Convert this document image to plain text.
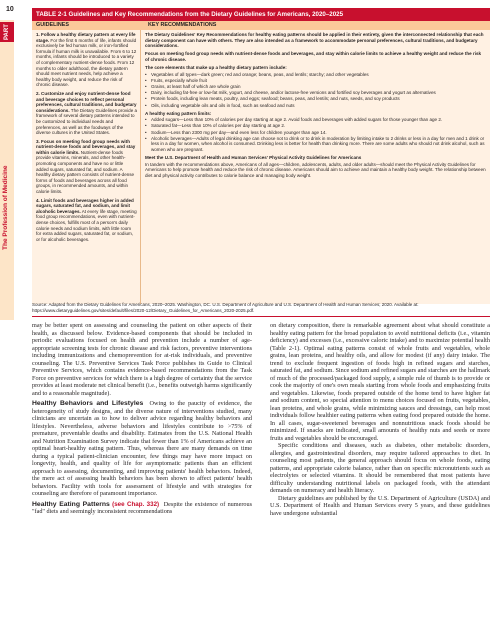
10
PART 1
The Profession of Medicine
TABLE 2-1 Guidelines and Key Recommendations from the Dietary Guidelines for Americans, 2020–2025
GUIDELINES	KEY RECOMMENDATIONS
1. Follow a healthy dietary pattern at every life stage. For the first 6 months of life, infants should exclusively be fed human milk, or iron-fortified formula if human milk is unavailable. From 6 to 12 months, infants should be introduced to a variety of complementary nutrient-dense foods. From 12 months to older adulthood, the dietary pattern should meet nutrient needs, help achieve a healthy body weight, and reduce the risk of chronic disease.
2. Customize and enjoy nutrient-dense food and beverage choices to reflect personal preferences, cultural traditions, and budgetary considerations. The Dietary Guidelines provide a framework of several dietary patterns intended to be customized to individual needs and preferences, as well as the foodways of the diverse cultures in the United States.
3. Focus on meeting food group needs with nutrient-dense foods and beverages, and stay within calorie limits. Nutrient-dense foods provide vitamins, minerals, and other health-promoting components and have no or little added sugars, saturated fat, and sodium. A healthy dietary pattern consists of nutrient-dense forms of foods and beverages across all food groups, in recommended amounts, and within calorie limits.
4. Limit foods and beverages higher in added sugars, saturated fat, and sodium, and limit alcoholic beverages. At every life stage, meeting food group recommendations, even with nutrient-dense choices, fulfills most of a person's daily calorie needs and sodium limits, with little room for extra added sugars, saturated fat, or sodium, or for alcoholic beverages.

The Dietary Guidelines' Key Recommendations for healthy eating patterns should be applied in their entirety, given the interconnected relationship that each dietary component can have with others. They are also intended as a framework to accommodate personal preferences, cultural traditions, and budgetary considerations.

Focus on meeting food group needs with nutrient-dense foods and beverages, and stay within calorie limits to achieve a healthy weight and reduce the risk of chronic disease.

The core elements that make up a healthy dietary pattern include:

• Vegetables of all types—dark green; red and orange; beans, peas, and lentils; starchy; and other vegetables
• Fruits, especially whole fruit
• Grains, at least half of which are whole grain
• Dairy, including fat-free or low-fat milk, yogurt, and cheese, and/or lactose-free versions and fortified soy beverages and yogurt as alternatives
• Protein foods, including lean meats, poultry, and eggs; seafood; beans, peas, and lentils; and nuts, seeds, and soy products
• Oils, including vegetable oils and oils in food, such as seafood and nuts

A healthy eating pattern limits:

• Added sugars—Less than 10% of calories per day starting at age 2. Avoid foods and beverages with added sugars for those younger than age 2.
• Saturated fat—Less than 10% of calories per day starting at age 2.
• Sodium—Less than 2300 mg per day—and even less for children younger than age 14.
• Alcoholic beverages—Adults of legal drinking age can choose not to drink or to drink in moderation by limiting intake to 2 drinks or less in a day for men and 1 drink or less in a day for women, when alcohol is consumed. Drinking less is better for health than drinking more. There are some adults who should not drink alcohol, such as women who are pregnant.

Meet the U.S. Department of Health and Human Services' Physical Activity Guidelines for Americans

In tandem with the recommendations above, Americans of all ages—children, adolescents, adults, and older adults—should meet the Physical Activity Guidelines for Americans to help promote health and reduce the risk of chronic disease. Americans should aim to achieve and maintain a healthy body weight. The relationship between diet and physical activity contributes to calorie balance and managing body weight.

Source: Adapted from the Dietary Guidelines for Americans, 2020–2025. Washington, DC. U.S. Department of Agriculture and U.S. Department of Health and Human Services; 2020. Available at: https://www.dietaryguidelines.gov/sites/default/files/2020-12/Dietary_Guidelines_for_Americans_2020-2025.pdf.

may be better spent on assessing and counseling the patient on other aspects of their health, as discussed below. Evidence-based components that should be included in periodic evaluations focused on health and prevention include a number of age-appropriate screening tests for chronic disease and risk factors, preventive interventions including immunizations and chemoprevention for at-risk individuals, and preventive counseling. The U.S. Preventive Services Task Force publishes its Guide to Clinical Preventive Services, which contains evidence-based recommendations from the Task Force on preventive services for which there is a high degree of certainty that the service provides at least moderate net clinical benefit (i.e., benefits outweigh harms significantly and to a reasonable magnitude).

Healthy Behaviors and Lifestyles Owing to the paucity of evidence, the heterogeneity of study designs, and the diverse nature of interventions studied, many clinicians are uncertain as to how to deliver advice regarding healthy behaviors and lifestyles. Nevertheless, adverse behaviors and lifestyles contribute to >75% of premature, preventable deaths and disability. Estimates from the U.S. National Health and Nutrition Examination Survey indicate that fewer than 1% of Americans achieve an optimal heart-healthy eating pattern. Thus, whereas there are many demands on time during a typical patient-clinician encounter, few things may have more impact on longevity, health, and quality of life for asymptomatic patients than an efficient approach to assessing, documenting, and improving patients' health behaviors. Indeed, the mere act of assessing health behaviors has been shown to affect patients' health behaviors. Facility with tools for assessment of lifestyle and with strategies for counseling are therefore of paramount importance.

Healthy Eating Patterns (see Chap. 332) Despite the existence of numerous "fad" diets and seemingly inconsistent recommendations

on dietary composition, there is remarkable agreement about what should constitute a healthy eating pattern for the broad population to avoid nutritional deficits (i.e., vitamin deficiency) and excesses (i.e., excessive caloric intake) and to maximize potential health (Table 2-1). Optimal eating patterns consist of whole fruits and vegetables, whole grains, lean proteins, and healthy oils, and allow for modest (if any) dairy intake. The trend to exclude frequent ingestion of foods high in refined sugars and starches, saturated fat, and sodium. Since sodium and refined sugars and starches are the hallmark of much of the processed/packaged food supply, a simple rule of thumb is to provide or cook the majority of one's own meals starting from whole foods and emphasizing fruits and vegetables. Likewise, foods prepared outside of the home tend to have higher fat and sodium content, so special attention to menu choices focused on fruits, vegetables, lean proteins, and whole grains, while minimizing sauces and dressings, can help most individuals follow healthier eating patterns when eating food prepared outside the home. In all cases, sugar-sweetened beverages and nonnutritious snack foods should be minimized. If snacks are indicated, small amounts of healthy nuts and seeds or more fruits and vegetables should be encouraged.

Specific conditions and diseases, such as diabetes, other metabolic disorders, allergies, and gastrointestinal disorders, may require tailored approaches to diet. In counseling most patients, the general approach should focus on whole foods, eating patterns, and appropriate calorie balance, rather than on specific micronutrients such as electrolytes or selected vitamins. It should be remembered that most patients have difficulty understanding nutritional labels on packaged foods, with the attendant demands on numeracy and health literacy.

Dietary guidelines are published by the U.S. Department of Agriculture (USDA) and U.S. Department of Health and Human Services every 5 years, and these guidelines have undergone substantial
